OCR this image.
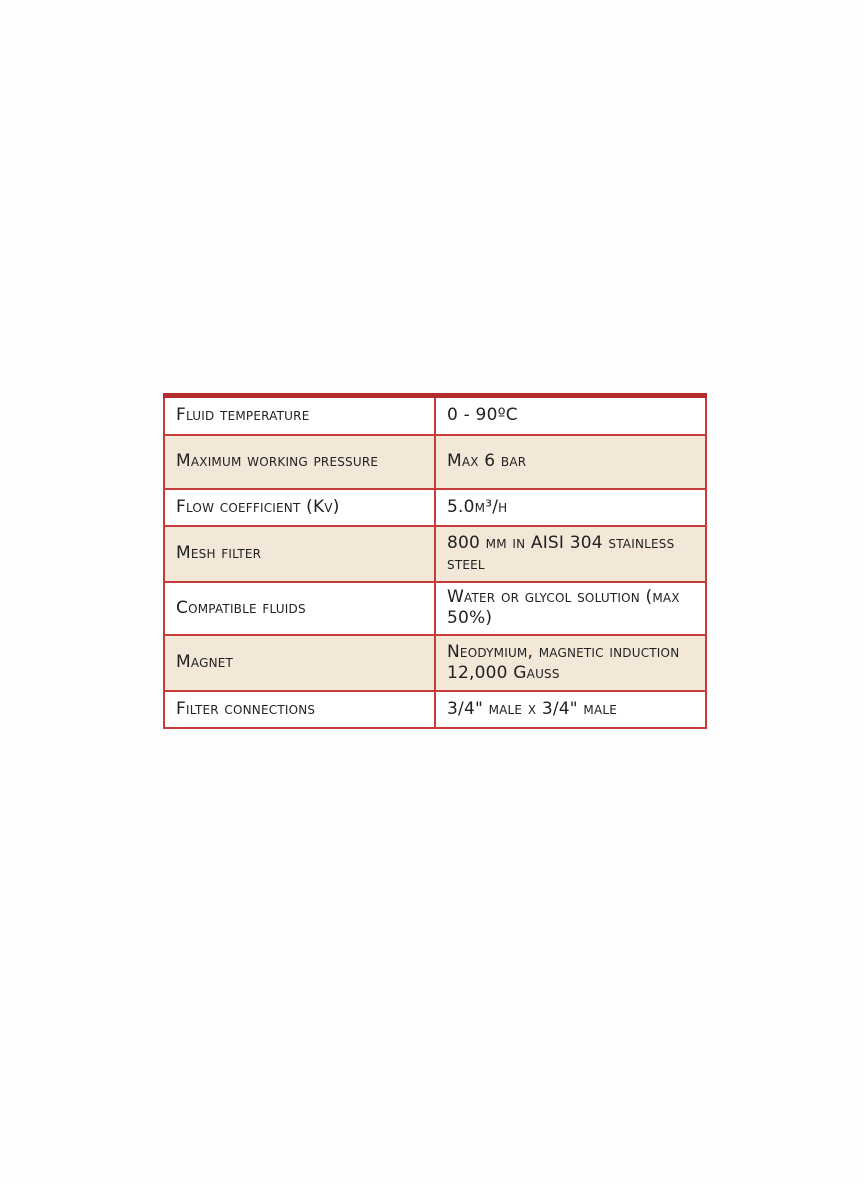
Fluid temperature	0 - 90ºC
Maximum working pressure	Max 6 bar
Flow coefficient (Kv)	5.0m³/h
Mesh filter	800 µm in AISI 304 stainless steel
Compatible fluids	Water or glycol solution (max 50%)
Magnet	Neodymium, magnetic induction 12,000 Gauss
Filter connections	3/4" male x 3/4" male
